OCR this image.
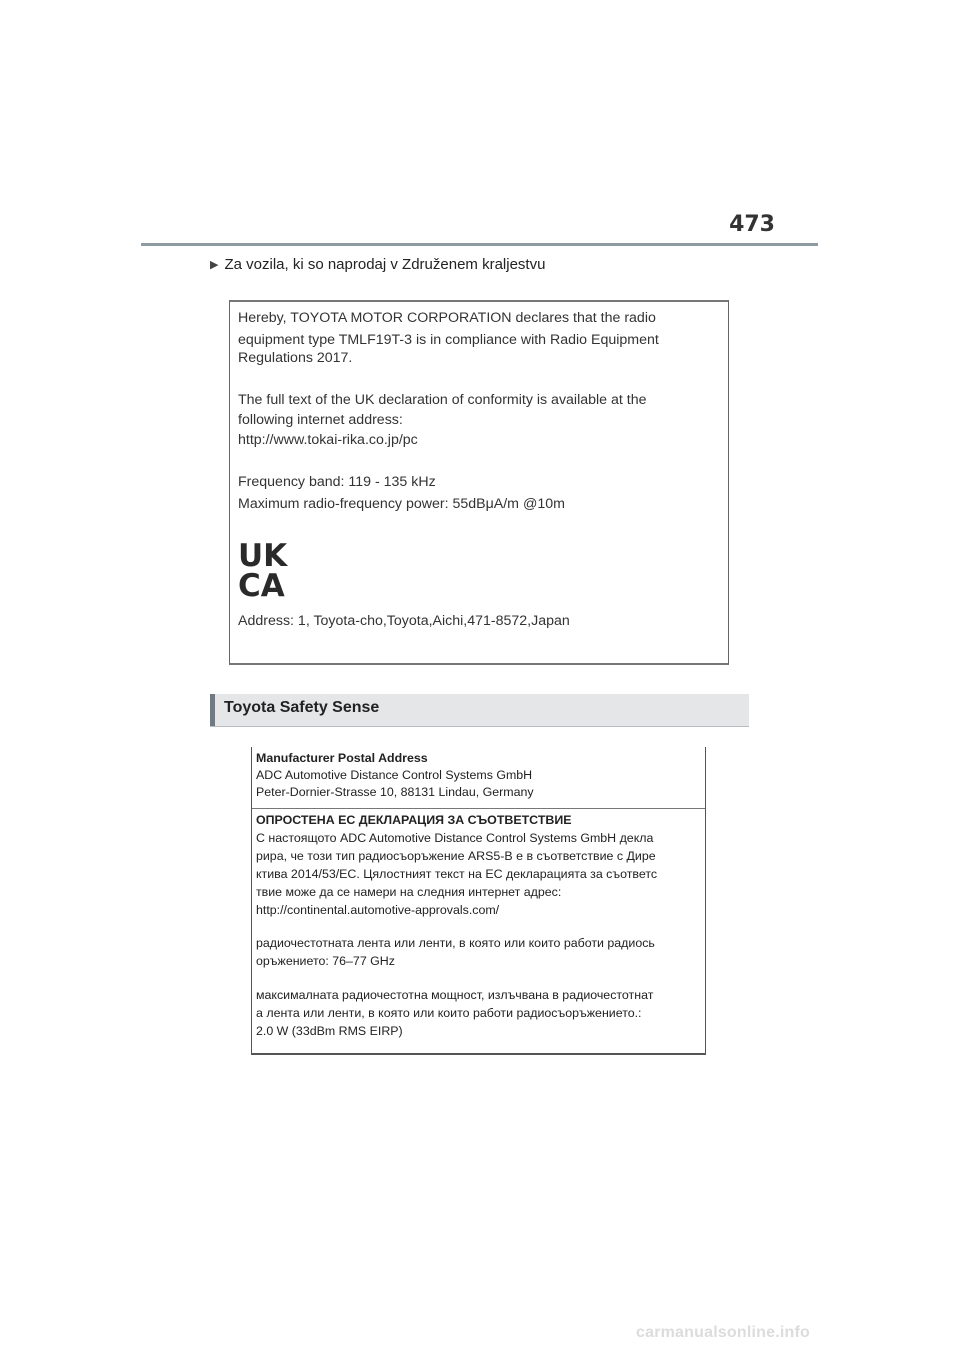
473
▶ Za vozila, ki so naprodaj v Združenem kraljestvu
Hereby, TOYOTA MOTOR CORPORATION declares that the radio
equipment type TMLF19T-3 is in compliance with Radio Equipment
Regulations 2017.
The full text of the UK declaration of conformity is available at the
following internet address:
http://www.tokai-rika.co.jp/pc
Frequency band: 119 - 135 kHz
Maximum radio-frequency power: 55dBμA/m @10m
UK
CA
Address: 1, Toyota-cho,Toyota,Aichi,471-8572,Japan
Toyota Safety Sense
Manufacturer Postal Address
ADC Automotive Distance Control Systems GmbH
Peter-Dornier-Strasse 10, 88131 Lindau, Germany
ОПРОСТЕНА ЕС ДЕКЛАРАЦИЯ ЗА СЪОТВЕТСТВИЕ
С настоящото ADC Automotive Distance Control Systems GmbH декла
рира, че този тип радиосъоръжение ARS5-B е в съответствие с Дире
ктива 2014/53/ЕС. Цялостният текст на ЕС декларацията за съответс
твие може да се намери на следния интернет адрес:
http://continental.automotive-approvals.com/
радиочестотната лента или ленти, в която или които работи радиось
оръжението: 76–77 GHz
максималната радиочестотна мощност, излъчвана в радиочестотнат
а лента или ленти, в която или които работи радиосъоръжението.:
2.0 W (33dBm RMS EIRP)
carmanualsonline.info
